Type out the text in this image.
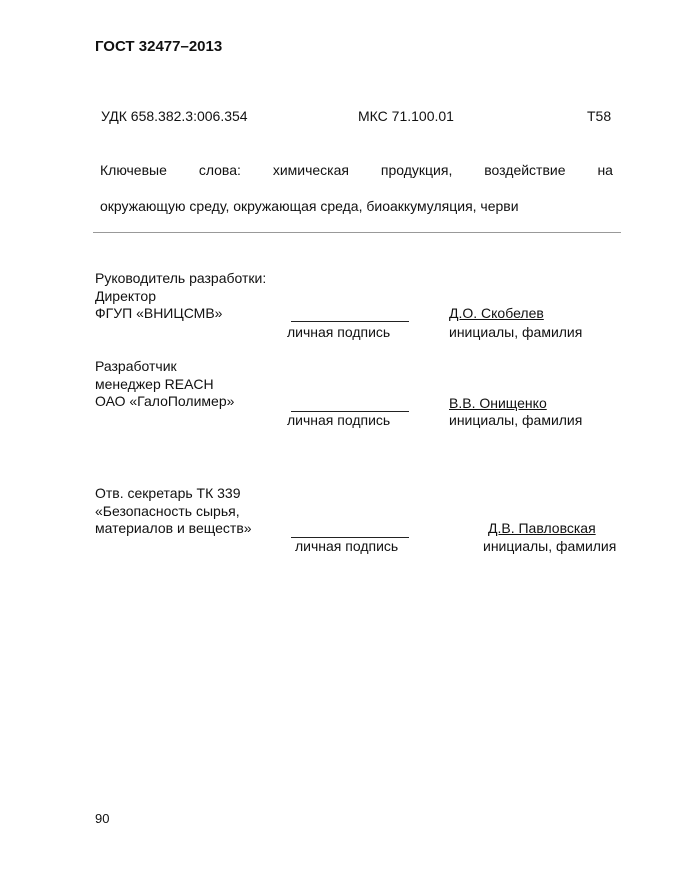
ГОСТ 32477–2013
УДК 658.382.3:006.354	МКС 71.100.01	Т58
Ключевые слова: химическая продукция, воздействие на
окружающую среду, окружающая среда, биоаккумуляция, черви
Руководитель разработки:
Директор
ФГУП «ВНИЦСМВ»
личная подпись
Д.О. Скобелев
инициалы, фамилия
Разработчик
менеджер REACH
ОАО «ГалоПолимер»
личная подпись
В.В. Онищенко
инициалы, фамилия
Отв. секретарь ТК 339
«Безопасность сырья,
материалов и веществ»
личная подпись
Д.В. Павловская
инициалы, фамилия
90
